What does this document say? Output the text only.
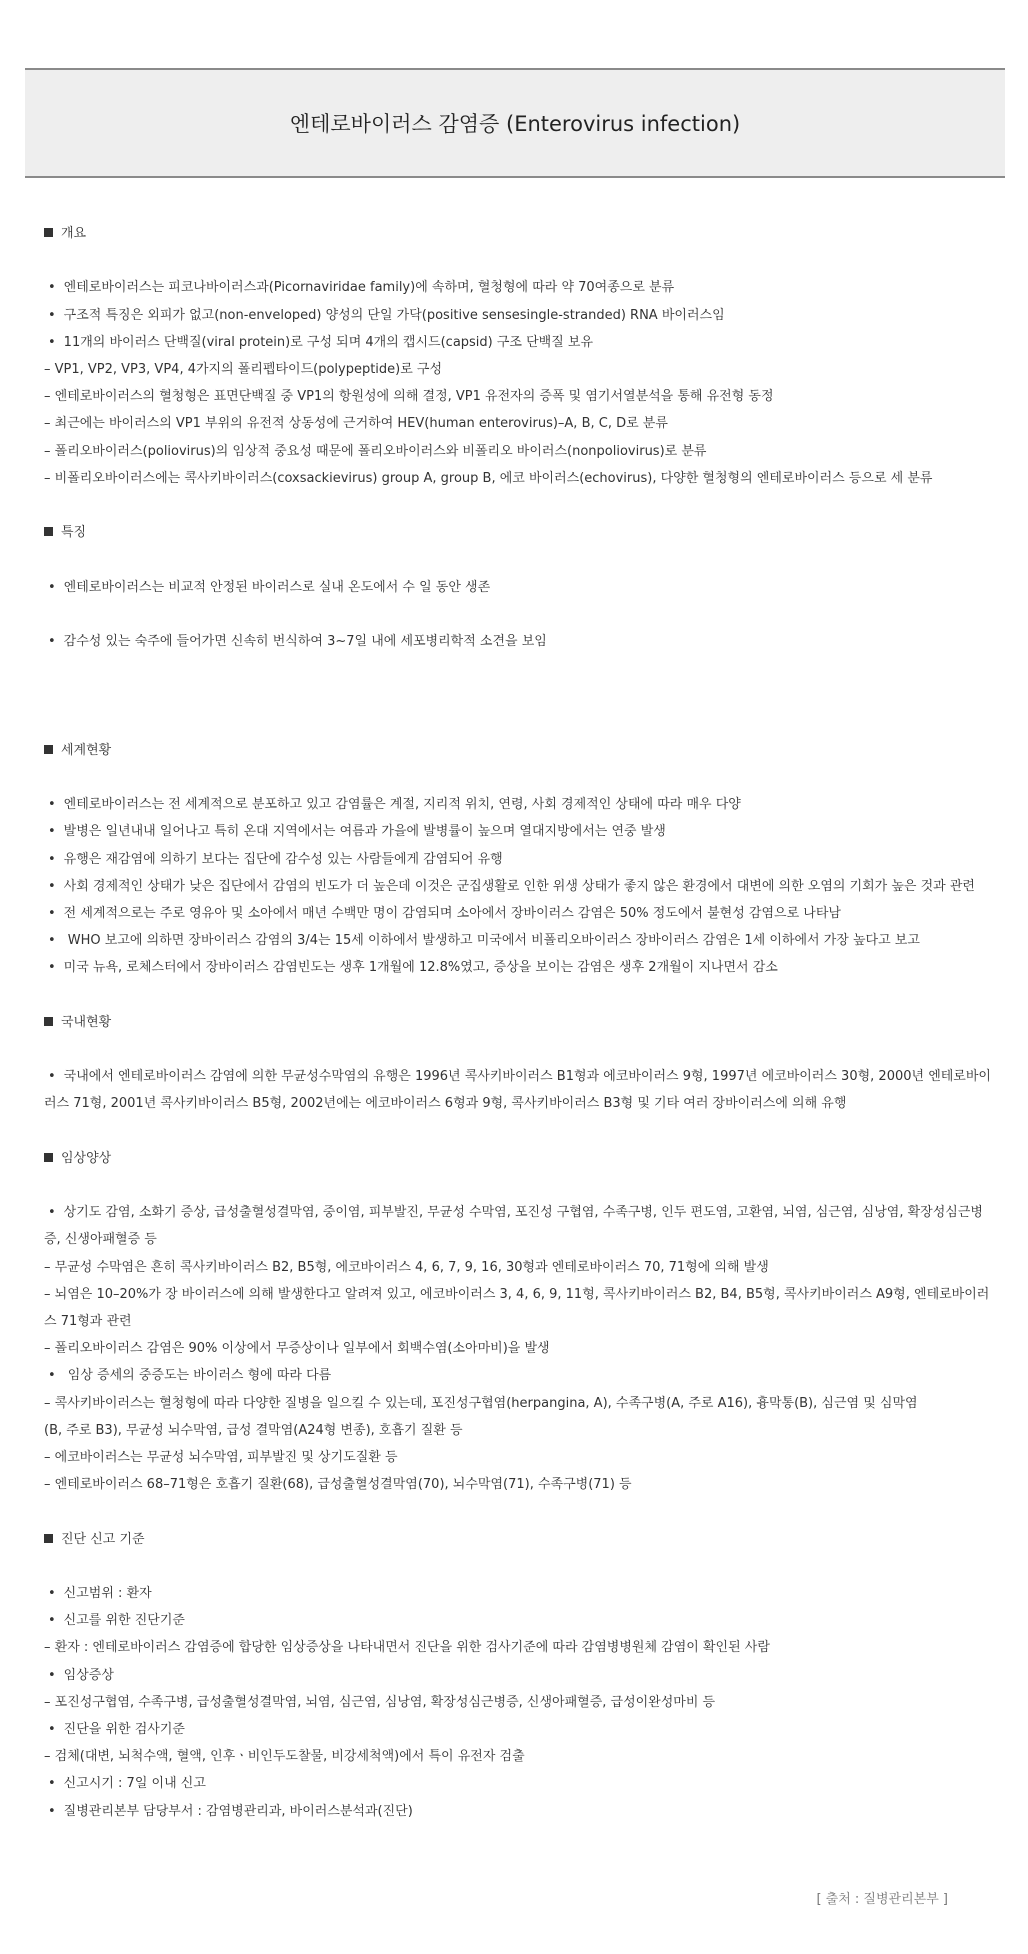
엔테로바이러스 감염증 (Enterovirus infection)
개요
• 엔테로바이러스는 피코나바이러스과(Picornaviridae family)에 속하며, 혈청형에 따라 약 70여종으로 분류
• 구조적 특징은 외피가 없고(non-enveloped) 양성의 단일 가닥(positive sensesingle-stranded) RNA 바이러스임
• 11개의 바이러스 단백질(viral protein)로 구성 되며 4개의 캡시드(capsid) 구조 단백질 보유
– VP1, VP2, VP3, VP4, 4가지의 폴리펩타이드(polypeptide)로 구성
– 엔테로바이러스의 혈청형은 표면단백질 중 VP1의 항원성에 의해 결정, VP1 유전자의 증폭 및 염기서열분석을 통해 유전형 동정
– 최근에는 바이러스의 VP1 부위의 유전적 상동성에 근거하여 HEV(human enterovirus)–A, B, C, D로 분류
– 폴리오바이러스(poliovirus)의 임상적 중요성 때문에 폴리오바이러스와 비폴리오 바이러스(nonpoliovirus)로 분류
– 비폴리오바이러스에는 콕사키바이러스(coxsackievirus) group A, group B, 에코 바이러스(echovirus), 다양한 혈청형의 엔테로바이러스 등으로 세 분류
특징
• 엔테로바이러스는 비교적 안정된 바이러스로 실내 온도에서 수 일 동안 생존
• 감수성 있는 숙주에 들어가면 신속히 번식하여 3~7일 내에 세포병리학적 소견을 보임
세계현황
• 엔테로바이러스는 전 세계적으로 분포하고 있고 감염률은 계절, 지리적 위치, 연령, 사회 경제적인 상태에 따라 매우 다양
• 발병은 일년내내 일어나고 특히 온대 지역에서는 여름과 가을에 발병률이 높으며 열대지방에서는 연중 발생
• 유행은 재감염에 의하기 보다는 집단에 감수성 있는 사람들에게 감염되어 유행
• 사회 경제적인 상태가 낮은 집단에서 감염의 빈도가 더 높은데 이것은 군집생활로 인한 위생 상태가 좋지 않은 환경에서 대변에 의한 오염의 기회가 높은 것과 관련
• 전 세계적으로는 주로 영유아 및 소아에서 매년 수백만 명이 감염되며 소아에서 장바이러스 감염은 50% 정도에서 불현성 감염으로 나타남
• WHO 보고에 의하면 장바이러스 감염의 3/4는 15세 이하에서 발생하고 미국에서 비폴리오바이러스 장바이러스 감염은 1세 이하에서 가장 높다고 보고
• 미국 뉴욕, 로체스터에서 장바이러스 감염빈도는 생후 1개월에 12.8%였고, 증상을 보이는 감염은 생후 2개월이 지나면서 감소
국내현황
• 국내에서 엔테로바이러스 감염에 의한 무균성수막염의 유행은 1996년 콕사키바이러스 B1형과 에코바이러스 9형, 1997년 에코바이러스 30형, 2000년 엔테로바이러스 71형, 2001년 콕사키바이러스 B5형, 2002년에는 에코바이러스 6형과 9형, 콕사키바이러스 B3형 및 기타 여러 장바이러스에 의해 유행
임상양상
• 상기도 감염, 소화기 증상, 급성출혈성결막염, 중이염, 피부발진, 무균성 수막염, 포진성 구협염, 수족구병, 인두 편도염, 고환염, 뇌염, 심근염, 심낭염, 확장성심근병증, 신생아패혈증 등
– 무균성 수막염은 흔히 콕사키바이러스 B2, B5형, 에코바이러스 4, 6, 7, 9, 16, 30형과 엔테로바이러스 70, 71형에 의해 발생
– 뇌염은 10–20%가 장 바이러스에 의해 발생한다고 알려져 있고, 에코바이러스 3, 4, 6, 9, 11형, 콕사키바이러스 B2, B4, B5형, 콕사키바이러스 A9형, 엔테로바이러스 71형과 관련
– 폴리오바이러스 감염은 90% 이상에서 무증상이나 일부에서 회백수염(소아마비)을 발생
• 임상 증세의 중증도는 바이러스 형에 따라 다름
– 콕사키바이러스는 혈청형에 따라 다양한 질병을 일으킬 수 있는데, 포진성구협염(herpangina, A), 수족구병(A, 주로 A16), 흉막통(B), 심근염 및 심막염
(B, 주로 B3), 무균성 뇌수막염, 급성 결막염(A24형 변종), 호흡기 질환 등
– 에코바이러스는 무균성 뇌수막염, 피부발진 및 상기도질환 등
– 엔테로바이러스 68–71형은 호흡기 질환(68), 급성출혈성결막염(70), 뇌수막염(71), 수족구병(71) 등
진단 신고 기준
• 신고범위 : 환자
• 신고를 위한 진단기준
– 환자 : 엔테로바이러스 감염증에 합당한 임상증상을 나타내면서 진단을 위한 검사기준에 따라 감염병병원체 감염이 확인된 사람
• 임상증상
– 포진성구협염, 수족구병, 급성출혈성결막염, 뇌염, 심근염, 심낭염, 확장성심근병증, 신생아패혈증, 급성이완성마비 등
• 진단을 위한 검사기준
– 검체(대변, 뇌척수액, 혈액, 인후ㆍ비인두도찰물, 비강세척액)에서 특이 유전자 검출
• 신고시기 : 7일 이내 신고
• 질병관리본부 담당부서 : 감염병관리과, 바이러스분석과(진단)
[ 출처 : 질병관리본부 ]
